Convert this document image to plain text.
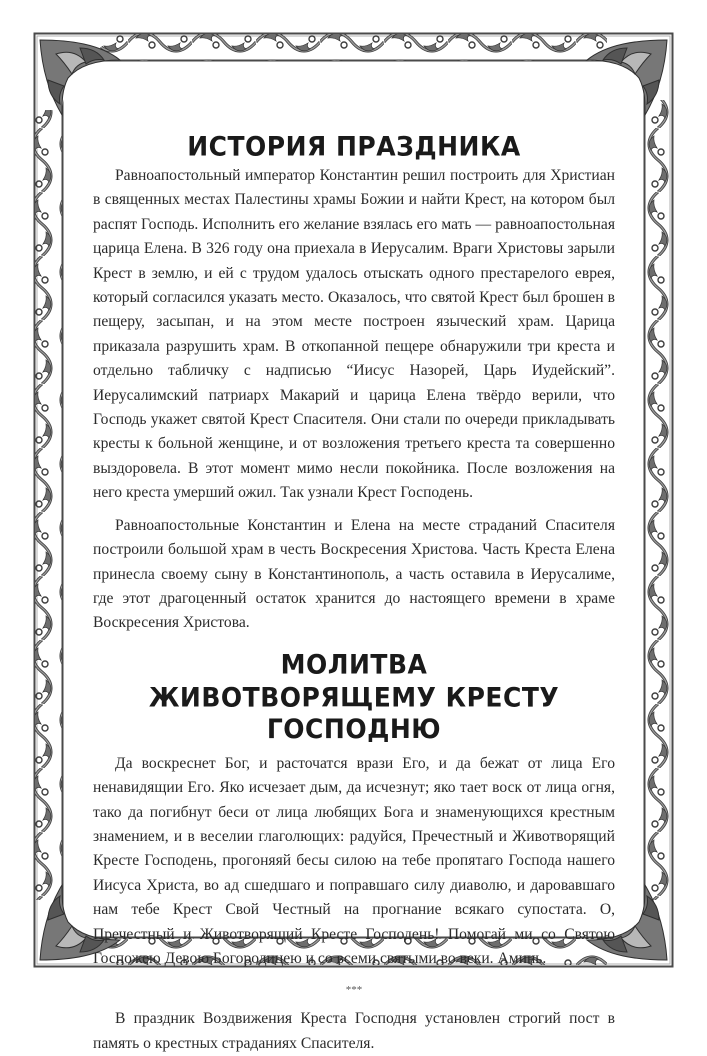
ИСТОРИЯ ПРАЗДНИКА

Равноапостольный император Константин решил построить для Христиан в священных местах Палестины храмы Божии и найти Крест, на котором был распят Господь. Исполнить его желание взялась его мать — равноапостольная царица Елена. В 326 году она приехала в Иерусалим. Враги Христовы зарыли Крест в землю, и ей с трудом удалось отыскать одного престарелого еврея, который согласился указать место. Оказалось, что святой Крест был брошен в пещеру, засыпан, и на этом месте построен языческий храм. Царица приказала разрушить храм. В откопанной пещере обнаружили три креста и отдельно табличку с надписью “Иисус Назорей, Царь Иудейский”. Иерусалимский патриарх Макарий и царица Елена твёрдо верили, что Господь укажет святой Крест Спасителя. Они стали по очереди прикладывать кресты к больной женщине, и от возложения третьего креста та совершенно выздоровела. В этот момент мимо несли покойника. После возложения на него креста умерший ожил. Так узнали Крест Господень.

Равноапостольные Константин и Елена на месте страданий Спасителя построили большой храм в честь Воскресения Христова. Часть Креста Елена принесла своему сыну в Константинополь, а часть оставила в Иерусалиме, где этот драгоценный остаток хранится до настоящего времени в храме Воскресения Христова.

МОЛИТВА
ЖИВОТВОРЯЩЕМУ КРЕСТУ ГОСПОДНЮ

Да воскреснет Бог, и расточатся врази Его, и да бежат от лица Его ненавидящии Его. Яко исчезает дым, да исчезнут; яко тает воск от лица огня, тако да погибнут беси от лица любящих Бога и знаменующихся крестным знамением, и в веселии глаголющих: радуйся, Пречестный и Животворящий Кресте Господень, прогоняяй бесы силою на тебе пропятаго Господа нашего Иисуса Христа, во ад сшедшаго и поправшаго силу диаволю, и даровавшаго нам тебе Крест Свой Честный на прогнание всякаго супостата. О, Пречестный и Животворящий Кресте Господень! Помогай ми со Святою Госпожею Девою Богородицею и со всеми святыми во веки. Аминь.

***

В праздник Воздвижения Креста Господня установлен строгий пост в память о крестных страданиях Спасителя.
